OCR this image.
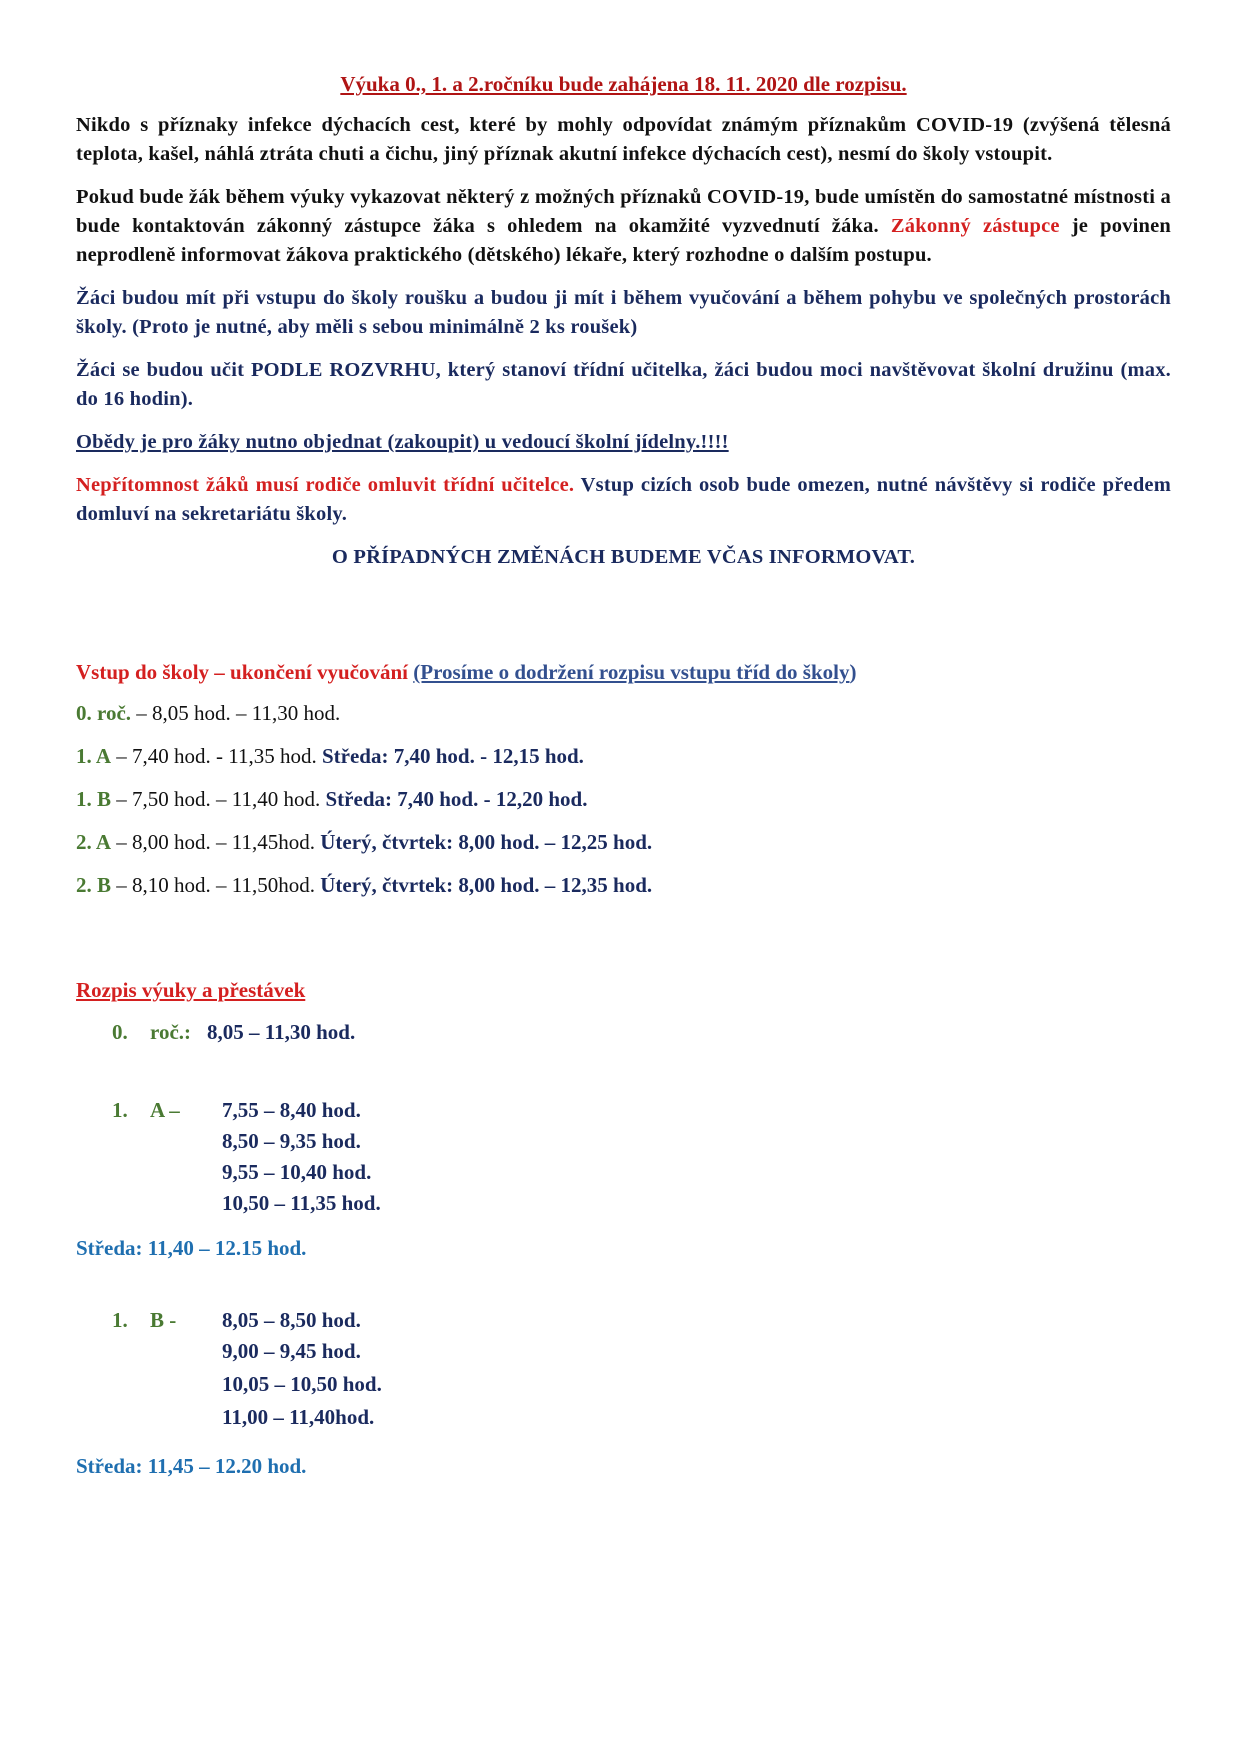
Výuka 0., 1. a 2.ročníku bude zahájena 18. 11. 2020 dle rozpisu.

Nikdo s příznaky infekce dýchacích cest, které by mohly odpovídat známým příznakům COVID-19 (zvýšená tělesná teplota, kašel, náhlá ztráta chuti a čichu, jiný příznak akutní infekce dýchacích cest), nesmí do školy vstoupit.

Pokud bude žák během výuky vykazovat některý z možných příznaků COVID-19, bude umístěn do samostatné místnosti a bude kontaktován zákonný zástupce žáka s ohledem na okamžité vyzvednutí žáka. Zákonný zástupce je povinen neprodleně informovat žákova praktického (dětského) lékaře, který rozhodne o dalším postupu.

Žáci budou mít při vstupu do školy roušku a budou ji mít i během vyučování a během pohybu ve společných prostorách školy. (Proto je nutné, aby měli s sebou minimálně 2 ks roušek)

Žáci se budou učit PODLE ROZVRHU, který stanoví třídní učitelka, žáci budou moci navštěvovat školní družinu (max. do 16 hodin).

Obědy je pro žáky nutno objednat (zakoupit) u vedoucí školní jídelny.!!!!

Nepřítomnost žáků musí rodiče omluvit třídní učitelce. Vstup cizích osob bude omezen, nutné návštěvy si rodiče předem domluví na sekretariátu školy.

O PŘÍPADNÝCH ZMĚNÁCH BUDEME VČAS INFORMOVAT.

Vstup do školy – ukončení vyučování (Prosíme o dodržení rozpisu vstupu tříd do školy)

0. roč. – 8,05 hod. – 11,30 hod.

1. A – 7,40 hod. - 11,35 hod. Středa: 7,40 hod. - 12,15 hod.

1. B – 7,50 hod. – 11,40 hod. Středa: 7,40 hod. - 12,20 hod.

2. A – 8,00 hod. – 11,45hod. Úterý, čtvrtek: 8,00 hod. – 12,25 hod.

2. B – 8,10 hod. – 11,50hod. Úterý, čtvrtek: 8,00 hod. – 12,35 hod.

Rozpis výuky a přestávek

0. roč.: 8,05 – 11,30 hod.
1. A – 7,55 – 8,40 hod.
8,50 – 9,35 hod.
9,55 – 10,40 hod.
10,50 – 11,35 hod.

Středa: 11,40 – 12.15 hod.

1. B - 8,05 – 8,50 hod.
9,00 – 9,45 hod.
10,05 – 10,50 hod.
11,00 – 11,40hod.

Středa: 11,45 – 12.20 hod.
